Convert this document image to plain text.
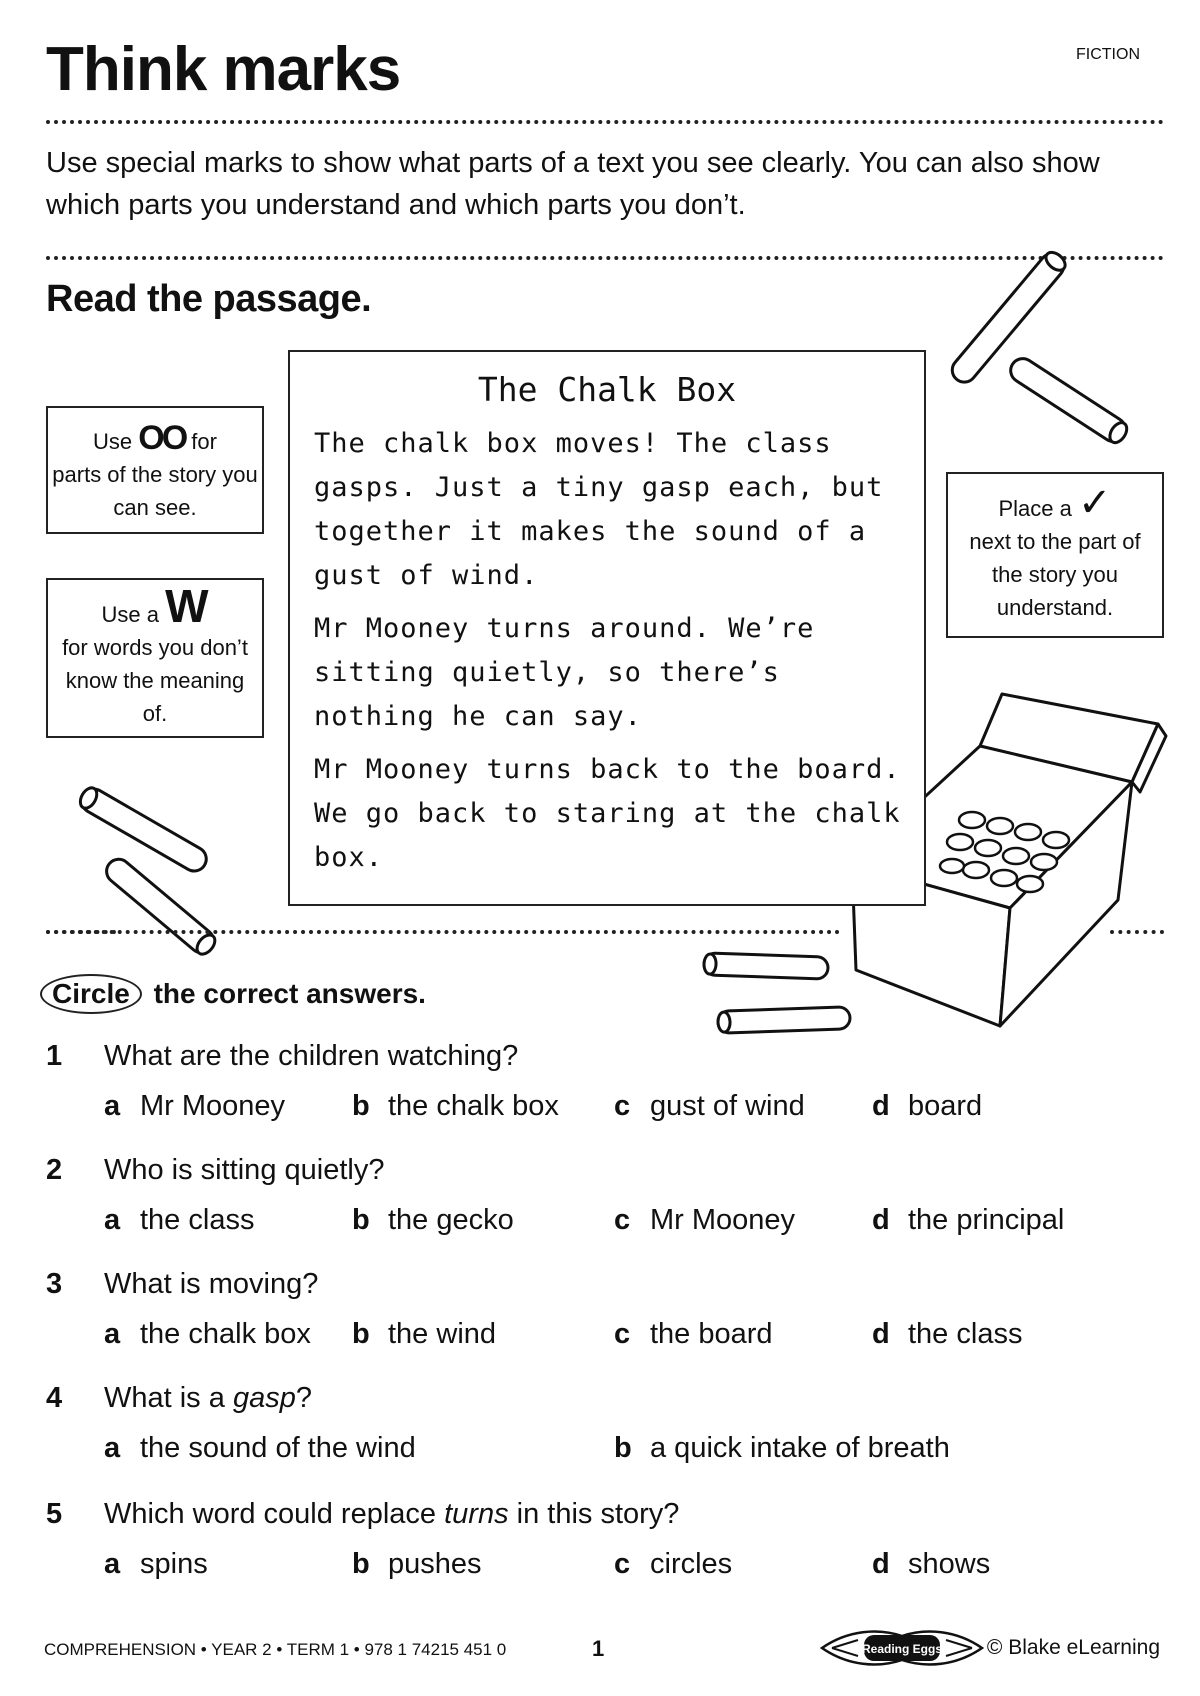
Think marks	FICTION
Use special marks to show what parts of a text you see clearly. You can also show which parts you understand and which parts you don’t.
Read the passage.
Use OO for
parts of the story you can see.
Use a W
for words you don’t know the meaning of.
Place a ✓
next to the part of the story you understand.
The Chalk Box

The chalk box moves! The class gasps. Just a tiny gasp each, but together it makes the sound of a gust of wind.

Mr Mooney turns around. We’re sitting quietly, so there’s nothing he can say.

Mr Mooney turns back to the board. We go back to staring at the chalk box.

Circle the correct answers.
1 What are the children watching?
a Mr Mooney b the chalk box c gust of wind d board
2 Who is sitting quietly?
a the class	b the gecko	c Mr Mooney	d the principal
3 What is moving?
a the chalk box b the wind	c the board	d the class
4 What is a gasp?
a the sound of the wind	b a quick intake of breath
5 Which word could replace turns in this story?
a spins	b pushes	c circles	d shows
COMPREHENSION • YEAR 2 • TERM 1 • 978 1 74215 451 0	1	Reading Eggs © Blake eLearning
